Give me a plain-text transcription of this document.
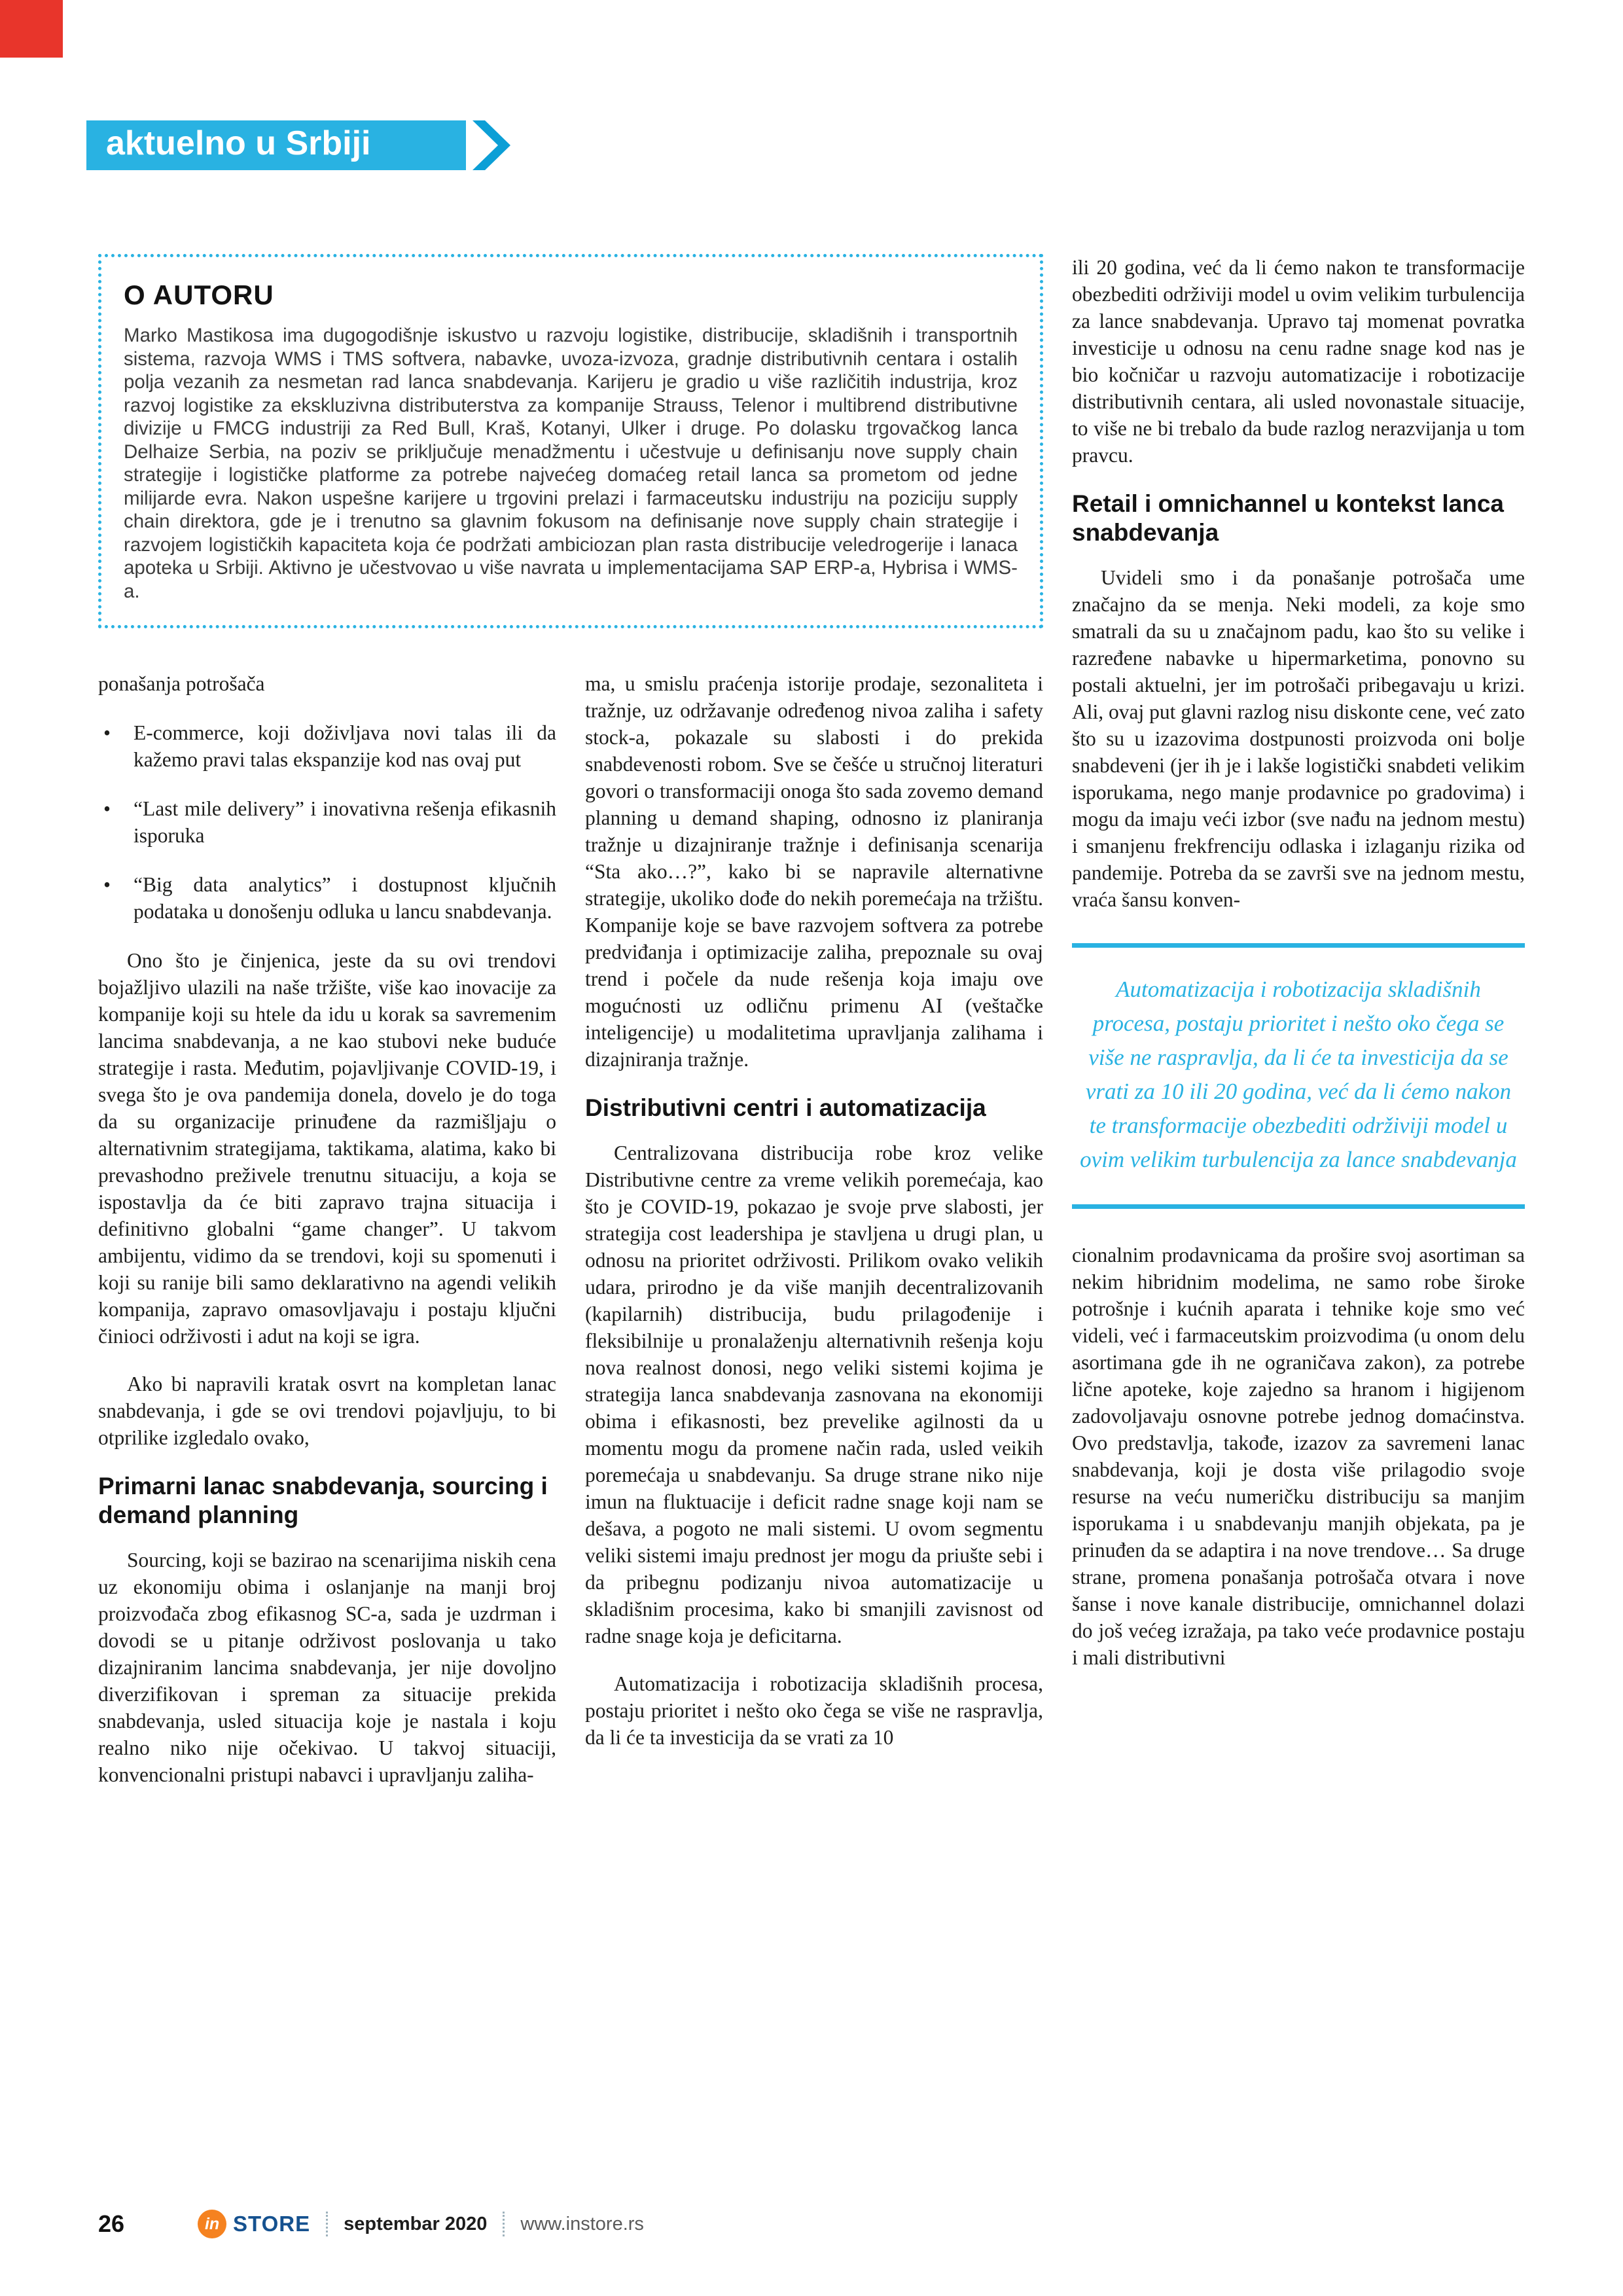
aktuelno u Srbiji
O AUTORU

Marko Mastikosa ima dugogodišnje iskustvo u razvoju logistike, distribucije, skladišnih i transportnih sistema, razvoja WMS i TMS softvera, nabavke, uvoza-izvoza, gradnje distributivnih centara i ostalih polja vezanih za nesmetan rad lanca snabdevanja. Karijeru je gradio u više različitih industrija, kroz razvoj logistike za ekskluzivna distributerstva za kompanije Strauss, Telenor i multibrend distributivne divizije u FMCG industriji za Red Bull, Kraš, Kotanyi, Ulker i druge. Po dolasku trgovačkog lanca Delhaize Serbia, na poziv se priključuje menadžmentu i učestvuje u definisanju nove supply chain strategije i logističke platforme za potrebe najvećeg domaćeg retail lanca sa prometom od jedne milijarde evra. Nakon uspešne karijere u trgovini prelazi i farmaceutsku industriju na poziciju supply chain direktora, gde je i trenutno sa glavnim fokusom na definisanje nove supply chain strategije i razvojem logističkih kapaciteta koja će podržati ambiciozan plan rasta distribucije veledrogerije i lanaca apoteka u Srbiji. Aktivno je učestvovao u više navrata u implementacijama SAP ERP-a, Hybrisa i WMS-a.

ponašanja potrošača

•	E-commerce, koji doživljava novi talas ili da kažemo pravi talas ekspanzije kod nas ovaj put
•	“Last mile delivery” i inovativna rešenja efikasnih isporuka
•	“Big data analytics” i dostupnost ključnih podataka u donošenju odluka u lancu snabdevanja.

Ono što je činjenica, jeste da su ovi trendovi bojažljivo ulazili na naše tržište, više kao inovacije za kompanije koji su htele da idu u korak sa savremenim lancima snabdevanja, a ne kao stubovi neke buduće strategije i rasta. Međutim, pojavljivanje COVID-19, i svega što je ova pandemija donela, dovelo je do toga da su organizacije prinuđene da razmišljaju o alternativnim strategijama, taktikama, alatima, kako bi prevashodno preživele trenutnu situaciju, a koja se ispostavlja da će biti zapravo trajna situacija i definitivno globalni “game changer”. U takvom ambijentu, vidimo da se trendovi, koji su spomenuti i koji su ranije bili samo deklarativno na agendi velikih kompanija, zapravo omasovljavaju i postaju ključni činioci održivosti i adut na koji se igra.

Ako bi napravili kratak osvrt na kompletan lanac snabdevanja, i gde se ovi trendovi pojavljuju, to bi otprilike izgledalo ovako,

Primarni lanac snabdevanja, sourcing i demand planning

Sourcing, koji se bazirao na scenarijima niskih cena uz ekonomiju obima i oslanjanje na manji broj proizvođača zbog efikasnog SC-a, sada je uzdrman i dovodi se u pitanje održivost poslovanja u tako dizajniranim lancima snabdevanja, jer nije dovoljno diverzifikovan i spreman za situacije prekida snabdevanja, usled situacija koje je nastala i koju realno niko nije očekivao. U takvoj situaciji, konvencionalni pristupi nabavci i upravljanju zaliha-

ma, u smislu praćenja istorije prodaje, sezonaliteta i tražnje, uz održavanje određenog nivoa zaliha i safety stock-a, pokazale su slabosti i do prekida snabdevenosti robom. Sve se češće u stručnoj literaturi govori o transformaciji onoga što sada zovemo demand planning u demand shaping, odnosno iz planiranja tražnje u dizajniranje tražnje i definisanja scenarija “Sta ako…?”, kako bi se napravile alternativne strategije, ukoliko dođe do nekih poremećaja na tržištu. Kompanije koje se bave razvojem softvera za potrebe predviđanja i optimizacije zaliha, prepoznale su ovaj trend i počele da nude rešenja koja imaju ove mogućnosti uz odličnu primenu AI (veštačke inteligencije) u modalitetima upravljanja zalihama i dizajniranja tražnje.

Distributivni centri i automatizacija

Centralizovana distribucija robe kroz velike Distributivne centre za vreme velikih poremećaja, kao što je COVID-19, pokazao je svoje prve slabosti, jer strategija cost leadershipa je stavljena u drugi plan, u odnosu na prioritet održivosti. Prilikom ovako velikih udara, prirodno je da više manjih decentralizovanih (kapilarnih) distribucija, budu prilagođenije i fleksibilnije u pronalaženju alternativnih rešenja koju nova realnost donosi, nego veliki sistemi kojima je strategija lanca snabdevanja zasnovana na ekonomiji obima i efikasnosti, bez prevelike agilnosti da u momentu mogu da promene način rada, usled veikih poremećaja u snabdevanju. Sa druge strane niko nije imun na fluktuacije i deficit radne snage koji nam se dešava, a pogoto ne mali sistemi. U ovom segmentu veliki sistemi imaju prednost jer mogu da priušte sebi i da pribegnu podizanju nivoa automatizacije u skladišnim procesima, kako bi smanjili zavisnost od radne snage koja je deficitarna.

Automatizacija i robotizacija skladišnih procesa, postaju prioritet i nešto oko čega se više ne raspravlja, da li će ta investicija da se vrati za 10

ili 20 godina, već da li ćemo nakon te transformacije obezbediti održiviji model u ovim velikim turbulencija za lance snabdevanja. Upravo taj momenat povratka investicije u odnosu na cenu radne snage kod nas je bio kočničar u razvoju automatizacije i robotizacije distributivnih centara, ali usled novonastale situacije, to više ne bi trebalo da bude razlog nerazvijanja u tom pravcu.

Retail i omnichannel u kontekst lanca snabdevanja

Uvideli smo i da ponašanje potrošača ume značajno da se menja. Neki modeli, za koje smo smatrali da su u značajnom padu, kao što su velike i razređene nabavke u hipermarketima, ponovno su postali aktuelni, jer im potrošači pribegavaju u krizi. Ali, ovaj put glavni razlog nisu diskonte cene, već zato što su u izazovima dostpunosti proizvoda oni bolje snabdeveni (jer ih je i lakše logistički snabdeti velikim isporukama, nego manje prodavnice po gradovima) i mogu da imaju veći izbor (sve nađu na jednom mestu) i smanjenu frekfrenciju odlaska i izlaganju rizika od pandemije. Potreba da se završi sve na jednom mestu, vraća šansu konven-

Automatizacija i robotizacija skladišnih procesa, postaju prioritet i nešto oko čega se više ne raspravlja, da li će ta investicija da se vrati za 10 ili 20 godina, već da li ćemo nakon te transformacije obezbediti održiviji model u ovim velikim turbulencija za lance snabdevanja

cionalnim prodavnicama da prošire svoj asortiman sa nekim hibridnim modelima, ne samo robe široke potrošnje i kućnih aparata i tehnike koje smo već videli, već i farmaceutskim proizvodima (u onom delu asortimana gde ih ne ograničava zakon), za potrebe lične apoteke, koje zajedno sa hranom i higijenom zadovoljavaju osnovne potrebe jednog domaćinstva. Ovo predstavlja, takođe, izazov za savremeni lanac snabdevanja, koji je dosta više prilagodio svoje resurse na veću numeričku distribuciju sa manjim isporukama i u snabdevanju manjih objekata, pa je prinuđen da se adaptira i na nove trendove… Sa druge strane, promena ponašanja potrošača otvara i nove šanse i nove kanale distribucije, omnichannel dolazi do još većeg izražaja, pa tako veće prodavnice postaju i mali distributivni

26	in STORE septembar 2020 www.instore.rs
